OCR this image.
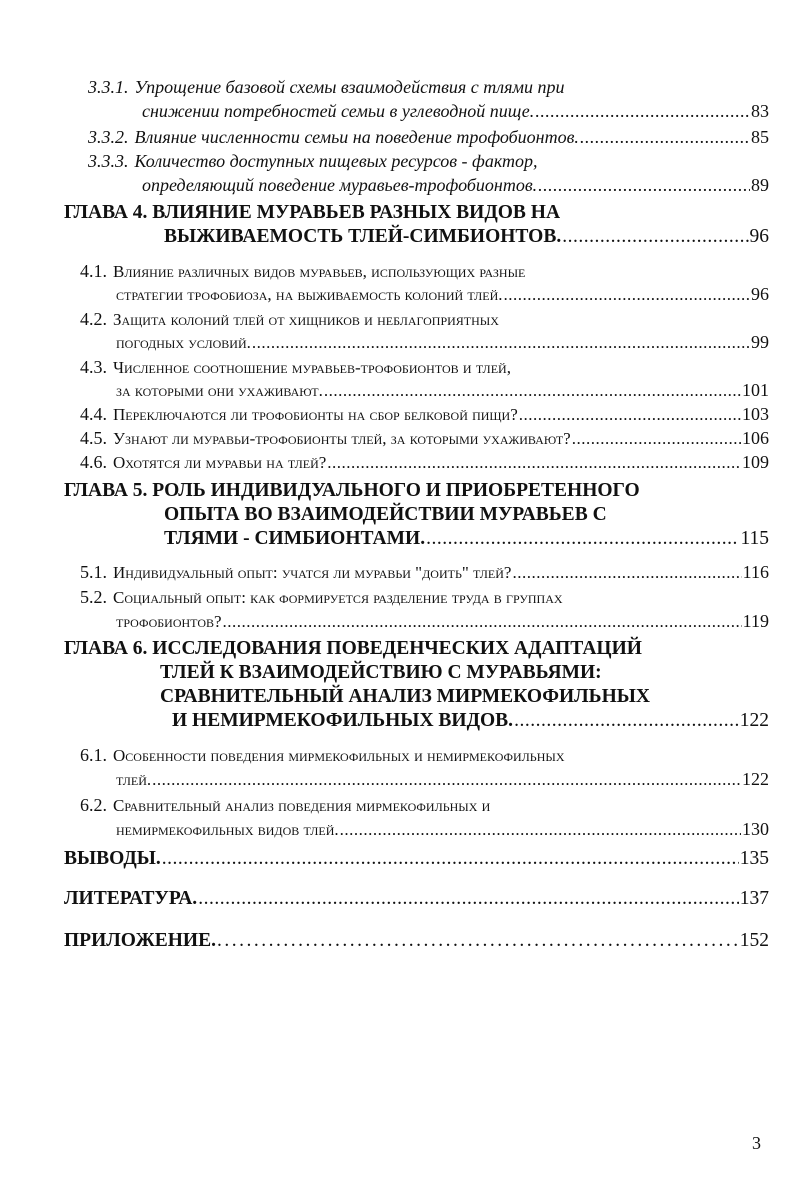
3.3.1. Упрощение базовой схемы взаимодействия с тлями при
снижении потребностей семьи в углеводной пище. .....	83
3.3.2. Влияние численности семьи на поведение трофобионтов. .....	85
3.3.3. Количество доступных пищевых ресурсов - фактор,
определяющий поведение муравьев-трофобионтов. .....	89
ГЛАВА 4. ВЛИЯНИЕ МУРАВЬЕВ РАЗНЫХ ВИДОВ НА
ВЫЖИВАЕМОСТЬ ТЛЕЙ-СИМБИОНТОВ. .....	96
4.1. Влияние различных видов муравьев, использующих разные
стратегии трофобиоза, на выживаемость колоний тлей. .....	96
4.2. Защита колоний тлей от хищников и неблагоприятных
погодных условий. .....	99
4.3. Численное соотношение муравьев-трофобионтов и тлей,
за которыми они ухаживают. .....	101
4.4. Переключаются ли трофобионты на сбор белковой пищи? .....	103
4.5. Узнают ли муравьи-трофобионты тлей, за которыми ухаживают? .....	106
4.6. Охотятся ли муравьи на тлей? .....	109
ГЛАВА 5. РОЛЬ ИНДИВИДУАЛЬНОГО И ПРИОБРЕТЕННОГО
ОПЫТА ВО ВЗАИМОДЕЙСТВИИ МУРАВЬЕВ С
ТЛЯМИ - СИМБИОНТАМИ. .....	115
5.1. Индивидуальный опыт: учатся ли муравьи "доить" тлей? .....	116
5.2. Социальный опыт: как формируется разделение труда в группах
трофобионтов? .....	119
ГЛАВА 6. ИССЛЕДОВАНИЯ ПОВЕДЕНЧЕСКИХ АДАПТАЦИЙ
ТЛЕЙ К ВЗАИМОДЕЙСТВИЮ С МУРАВЬЯМИ:
СРАВНИТЕЛЬНЫЙ АНАЛИЗ МИРМЕКОФИЛЬНЫХ
И НЕМИРМЕКОФИЛЬНЫХ ВИДОВ. .....	122
6.1. Особенности поведения мирмекофильных и немирмекофильных
тлей. .....	122
6.2. Сравнительный анализ поведения мирмекофильных и
немирмекофильных видов тлей. .....	130
ВЫВОДЫ. .....	135
ЛИТЕРАТУРА. .....	137
ПРИЛОЖЕНИЕ. .....	152
3
